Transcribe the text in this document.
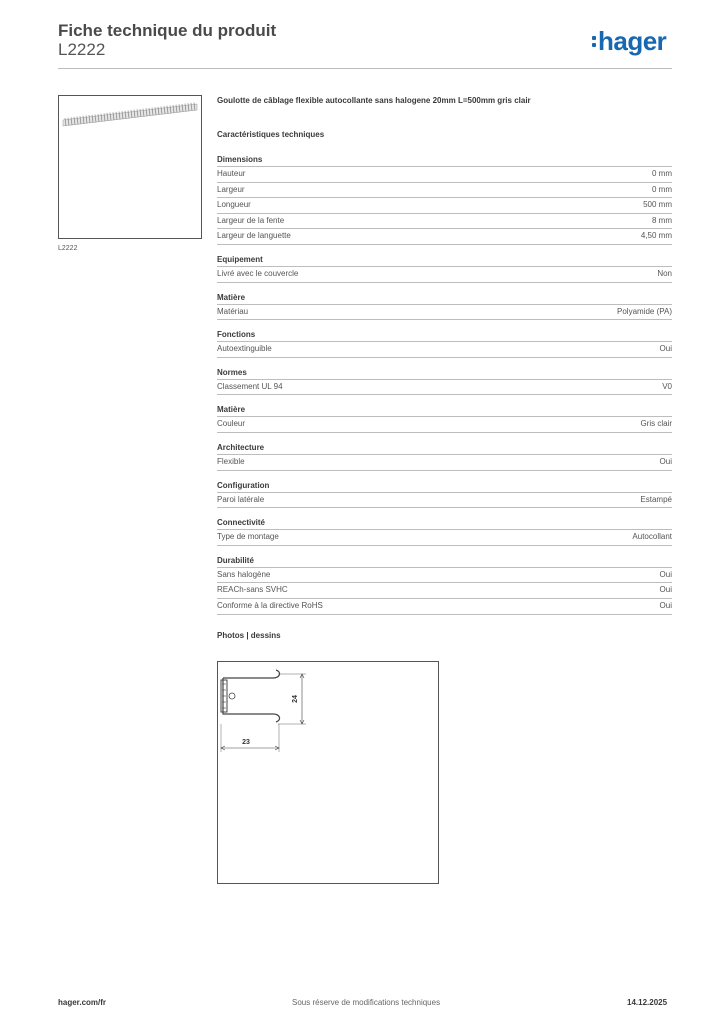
Fiche technique du produit
L2222	hager
L2222
Goulotte de câblage flexible autocollante sans halogene 20mm L=500mm gris clair
Caractéristiques techniques
Dimensions
Hauteur	0 mm
Largeur	0 mm
Longueur	500 mm
Largeur de la fente	8 mm
Largeur de languette	4,50 mm
Equipement
Livré avec le couvercle	Non
Matière
Matériau	Polyamide (PA)
Fonctions
Autoextinguible	Oui
Normes
Classement UL 94	V0
Matière
Couleur	Gris clair
Architecture
Flexible	Oui
Configuration
Paroi latérale	Estampé
Connectivité
Type de montage	Autocollant
Durabilité
Sans halogène	Oui
REACh-sans SVHC	Oui
Conforme à la directive RoHS	Oui
Photos | dessins
24
23
hager.com/fr	Sous réserve de modifications techniques	14.12.2025
